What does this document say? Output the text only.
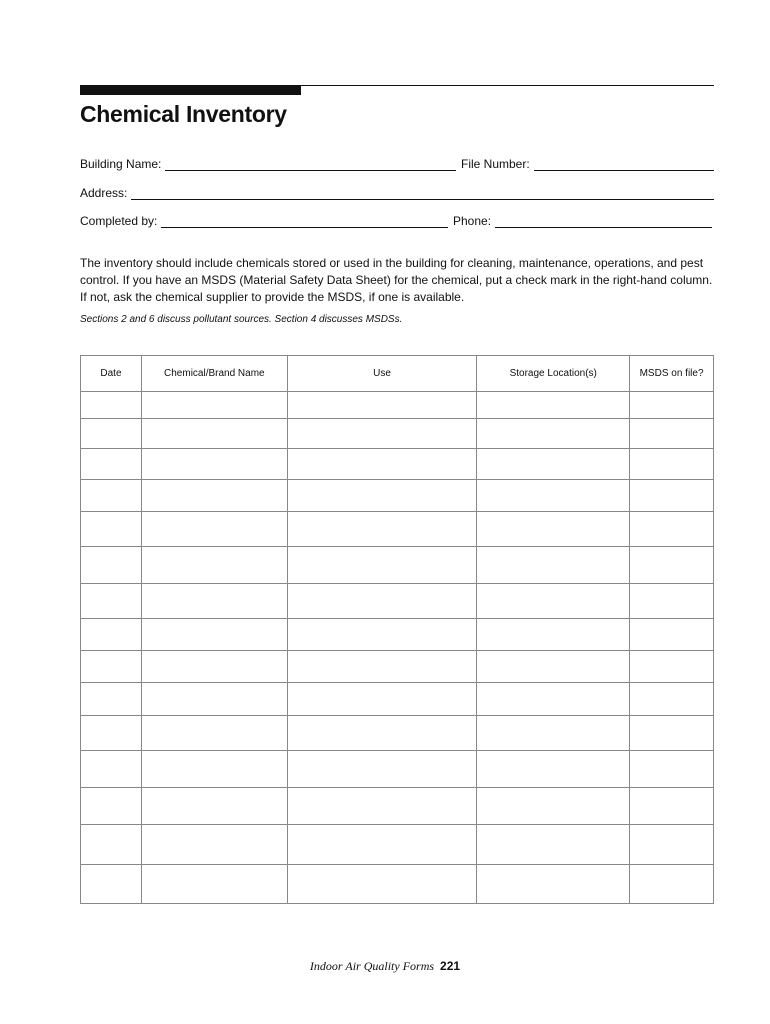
Chemical Inventory
Building Name:	File Number:
Address:
Completed by:	Phone:

The inventory should include chemicals stored or used in the building for cleaning, maintenance, operations, and pest

control. If you have an MSDS (Material Safety Data Sheet) for the chemical, put a check mark in the right-hand column.

If not, ask the chemical supplier to provide the MSDS, if one is available.

Sections 2 and 6 discuss pollutant sources. Section 4 discusses MSDSs.
Date	Chemical/Brand Name	Use	Storage Location(s)	MSDS on file?

Indoor Air Quality Forms 221
